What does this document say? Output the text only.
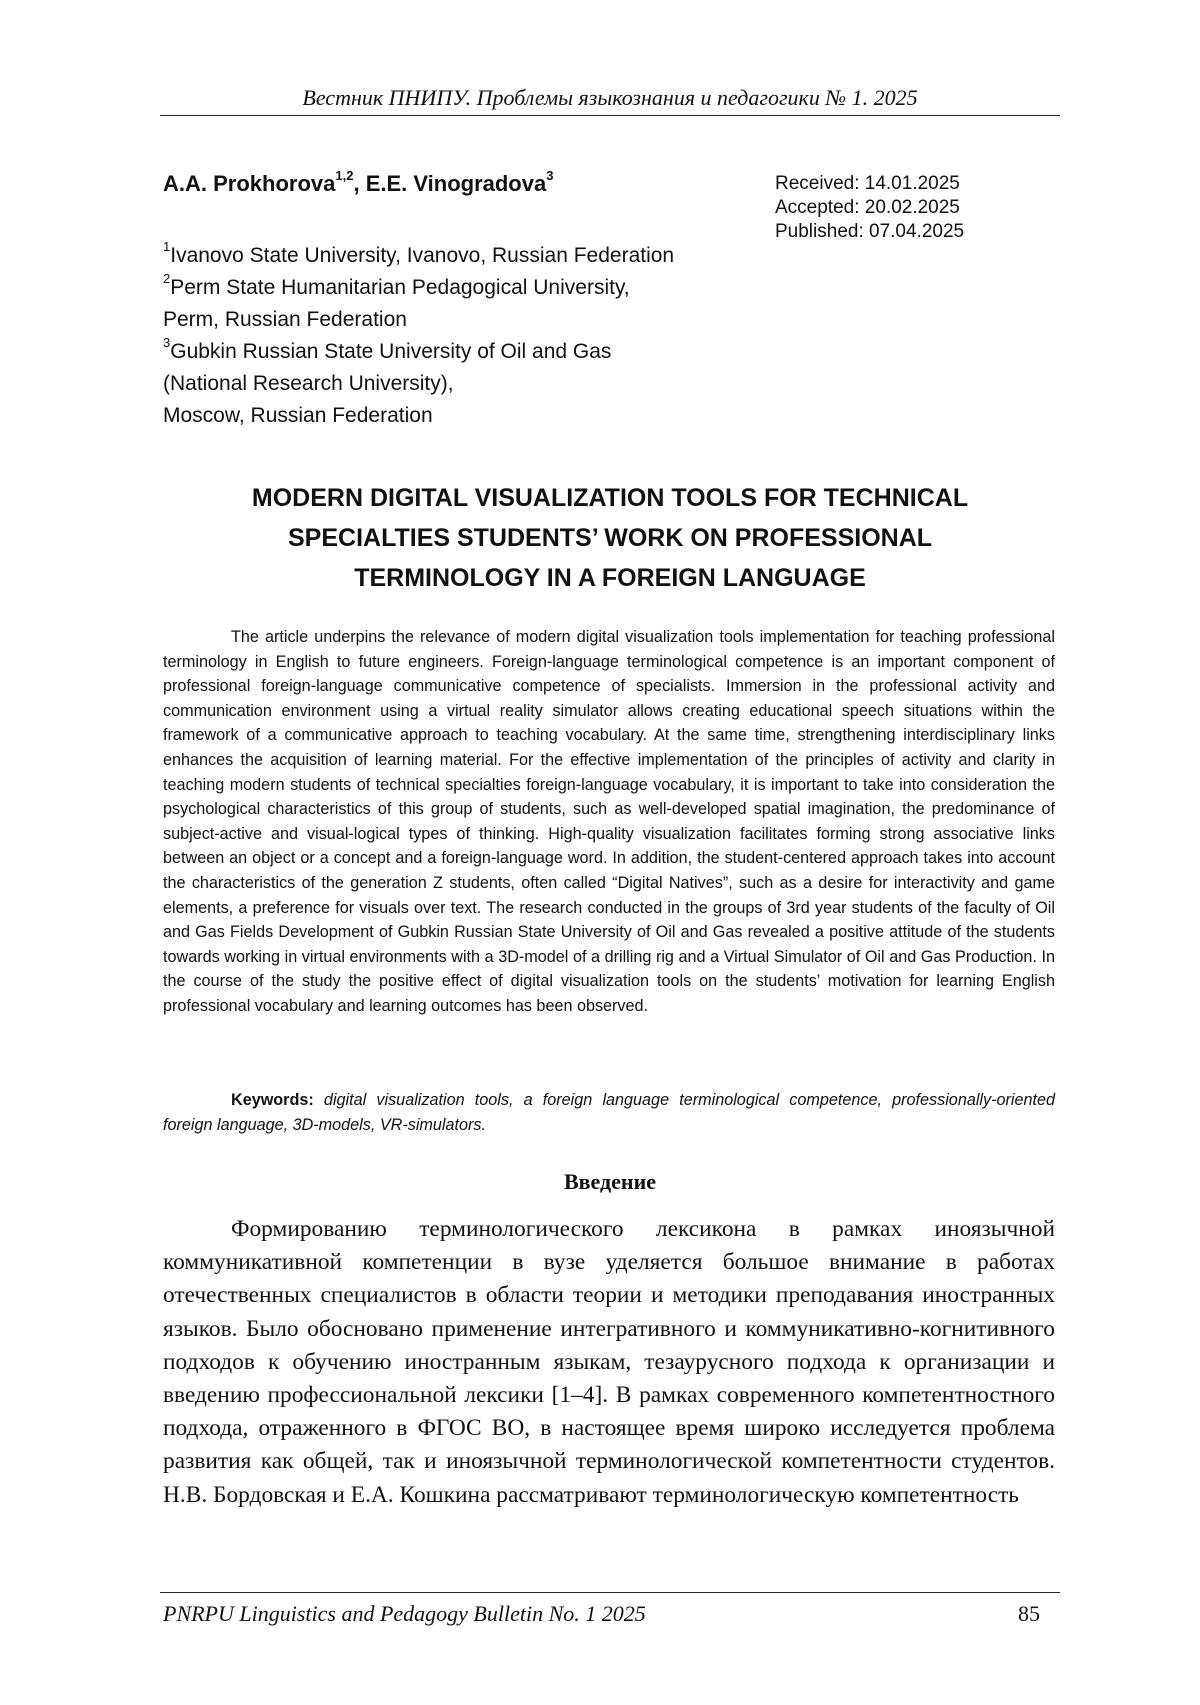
Вестник ПНИПУ. Проблемы языкознания и педагогики № 1. 2025
A.A. Prokhorova$^{1,2}$, E.E. Vinogradova$^3$	Received: 14.01.2025
Accepted: 20.02.2025
Published: 07.04.2025
$^1$Ivanovo State University, Ivanovo, Russian Federation
$^2$Perm State Humanitarian Pedagogical University,
Perm, Russian Federation
$^3$Gubkin Russian State University of Oil and Gas
(National Research University),
Moscow, Russian Federation
MODERN DIGITAL VISUALIZATION TOOLS FOR TECHNICAL
SPECIALTIES STUDENTS’ WORK ON PROFESSIONAL
TERMINOLOGY IN A FOREIGN LANGUAGE

The article underpins the relevance of modern digital visualization tools implementation for teaching professional terminology in English to future engineers. Foreign-language terminological competence is an important component of professional foreign-language communicative competence of specialists. Immersion in the professional activity and communication environment using a virtual reality simulator allows creating educational speech situations within the framework of a communicative approach to teaching vocabulary. At the same time, strengthening interdisciplinary links enhances the acquisition of learning material. For the effective implementation of the principles of activity and clarity in teaching modern students of technical specialties foreign-language vocabulary, it is important to take into consideration the psychological characteristics of this group of students, such as well-developed spatial imagination, the predominance of subject-active and visual-logical types of thinking. High-quality visualization facilitates forming strong associative links between an object or a concept and a foreign-language word. In addition, the student-centered approach takes into account the characteristics of the generation Z students, often called “Digital Natives”, such as a desire for interactivity and game elements, a preference for visuals over text. The research conducted in the groups of 3rd year students of the faculty of Oil and Gas Fields Development of Gubkin Russian State University of Oil and Gas revealed a positive attitude of the students towards working in virtual environments with a 3D-model of a drilling rig and a Virtual Simulator of Oil and Gas Production. In the course of the study the positive effect of digital visualization tools on the students’ motivation for learning English professional vocabulary and learning outcomes has been observed.

Keywords: digital visualization tools, a foreign language terminological competence, professionally-oriented foreign language, 3D-models, VR-simulators.

Введение

Формированию терминологического лексикона в рамках иноязычной коммуникативной компетенции в вузе уделяется большое внимание в работах отечественных специалистов в области теории и методики преподавания иностранных языков. Было обосновано применение интегративного и коммуникативно-когнитивного подходов к обучению иностранным языкам, тезаурусного подхода к организации и введению профессиональной лексики [1–4]. В рамках современного компетентностного подхода, отраженного в ФГОС ВО, в настоящее время широко исследуется проблема развития как общей, так и иноязычной терминологической компетентности студентов. Н.В. Бордовская и Е.А. Кошкина рассматривают терминологическую компетентность

PNRPU Linguistics and Pedagogy Bulletin No. 1 2025	85
